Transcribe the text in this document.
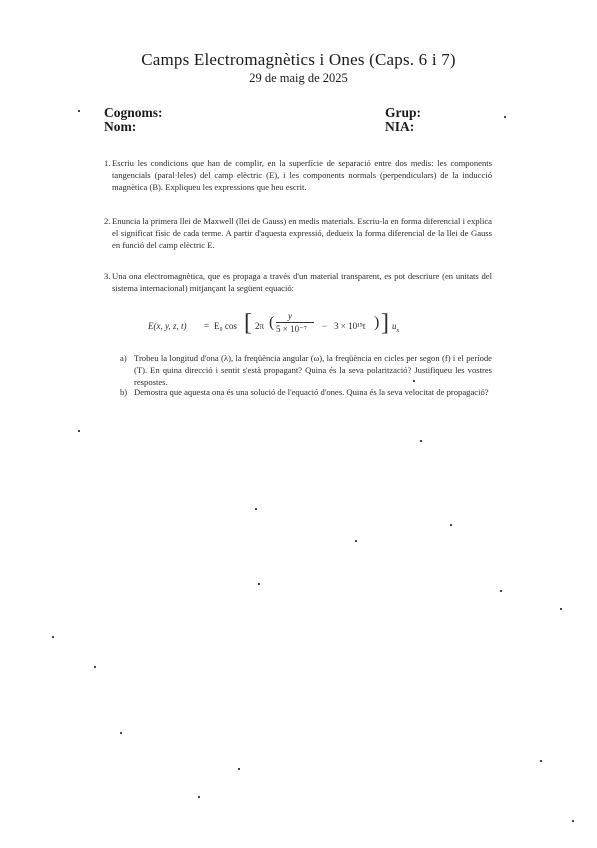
Camps Electromagnètics i Ones (Caps. 6 i 7)
29 de maig de 2025
Cognoms:
Nom:
Grup:
NIA:
1. Escriu les condicions que han de complir, en la superfície de separació entre dos medis: les components tangencials (paral·leles) del camp elèctric (E), i les components normals (perpendiculars) de la inducció magnètica (B). Expliqueu les expressions que heu escrit.
2. Enuncia la primera llei de Maxwell (llei de Gauss) en medis materials. Escriu-la en forma diferencial i explica el significat físic de cada terme. A partir d'aquesta expressió, dedueix la forma diferencial de la llei de Gauss en funció del camp elèctric E.
3. Una ona electromagnètica, que es propaga a través d'un material transparent, es pot descriure (en unitats del sistema internacional) mitjançant la següent equació:
E(x, y, z, t) = E₀ cos [ 2π ( y
5 × 10⁻⁷ − 3 × 10¹⁵t ) ] $u_x$
a) Trobeu la longitud d'ona (λ), la freqüència angular (ω), la freqüència en cicles per segon (f) i el període (T). En quina direcció i sentit s'està propagant? Quina és la seva polarització? Justifiqueu les vostres respostes.
b) Demostra que aquesta ona és una solució de l'equació d'ones. Quina és la seva velocitat de propagació?
